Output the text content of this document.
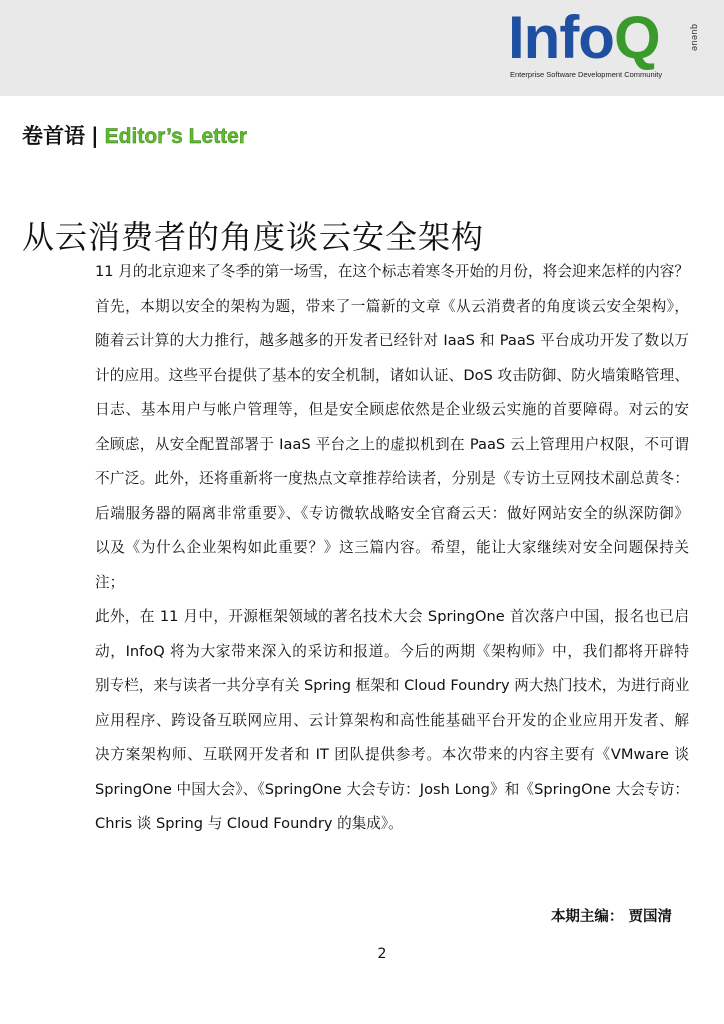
InfoQ	queue
Enterprise Software Development Community
卷首语 | Editor’s Letter
从云消费者的角度谈云安全架构
11 月的北京迎来了冬季的第一场雪，在这个标志着寒冬开始的月份，将会迎来怎样的内容？
首先，本期以安全的架构为题，带来了一篇新的文章《从云消费者的角度谈云安全架构》，
随着云计算的大力推行，越多越多的开发者已经针对 IaaS 和 PaaS 平台成功开发了数以万
计的应用。这些平台提供了基本的安全机制，诸如认证、DoS 攻击防御、防火墙策略管理、
日志、基本用户与帐户管理等，但是安全顾虑依然是企业级云实施的首要障碍。对云的安
全顾虑，从安全配置部署于 IaaS 平台之上的虚拟机到在 PaaS 云上管理用户权限，不可谓
不广泛。此外，还将重新将一度热点文章推荐给读者，分别是《专访土豆网技术副总黄冬：
后端服务器的隔离非常重要》、《专访微软战略安全官裔云天：做好网站安全的纵深防御》
以及《为什么企业架构如此重要？》这三篇内容。希望，能让大家继续对安全问题保持关
注；
此外，在 11 月中，开源框架领域的著名技术大会 SpringOne 首次落户中国，报名也已启
动，InfoQ 将为大家带来深入的采访和报道。今后的两期《架构师》中，我们都将开辟特
别专栏，来与读者一共分享有关 Spring 框架和 Cloud Foundry 两大热门技术，为进行商业
应用程序、跨设备互联网应用、云计算架构和高性能基础平台开发的企业应用开发者、解
决方案架构师、互联网开发者和 IT 团队提供参考。本次带来的内容主要有《VMware 谈
SpringOne 中国大会》、《SpringOne 大会专访：Josh Long》和《SpringOne 大会专访：
Chris 谈 Spring 与 Cloud Foundry 的集成》。
本期主编： 贾国清
2
